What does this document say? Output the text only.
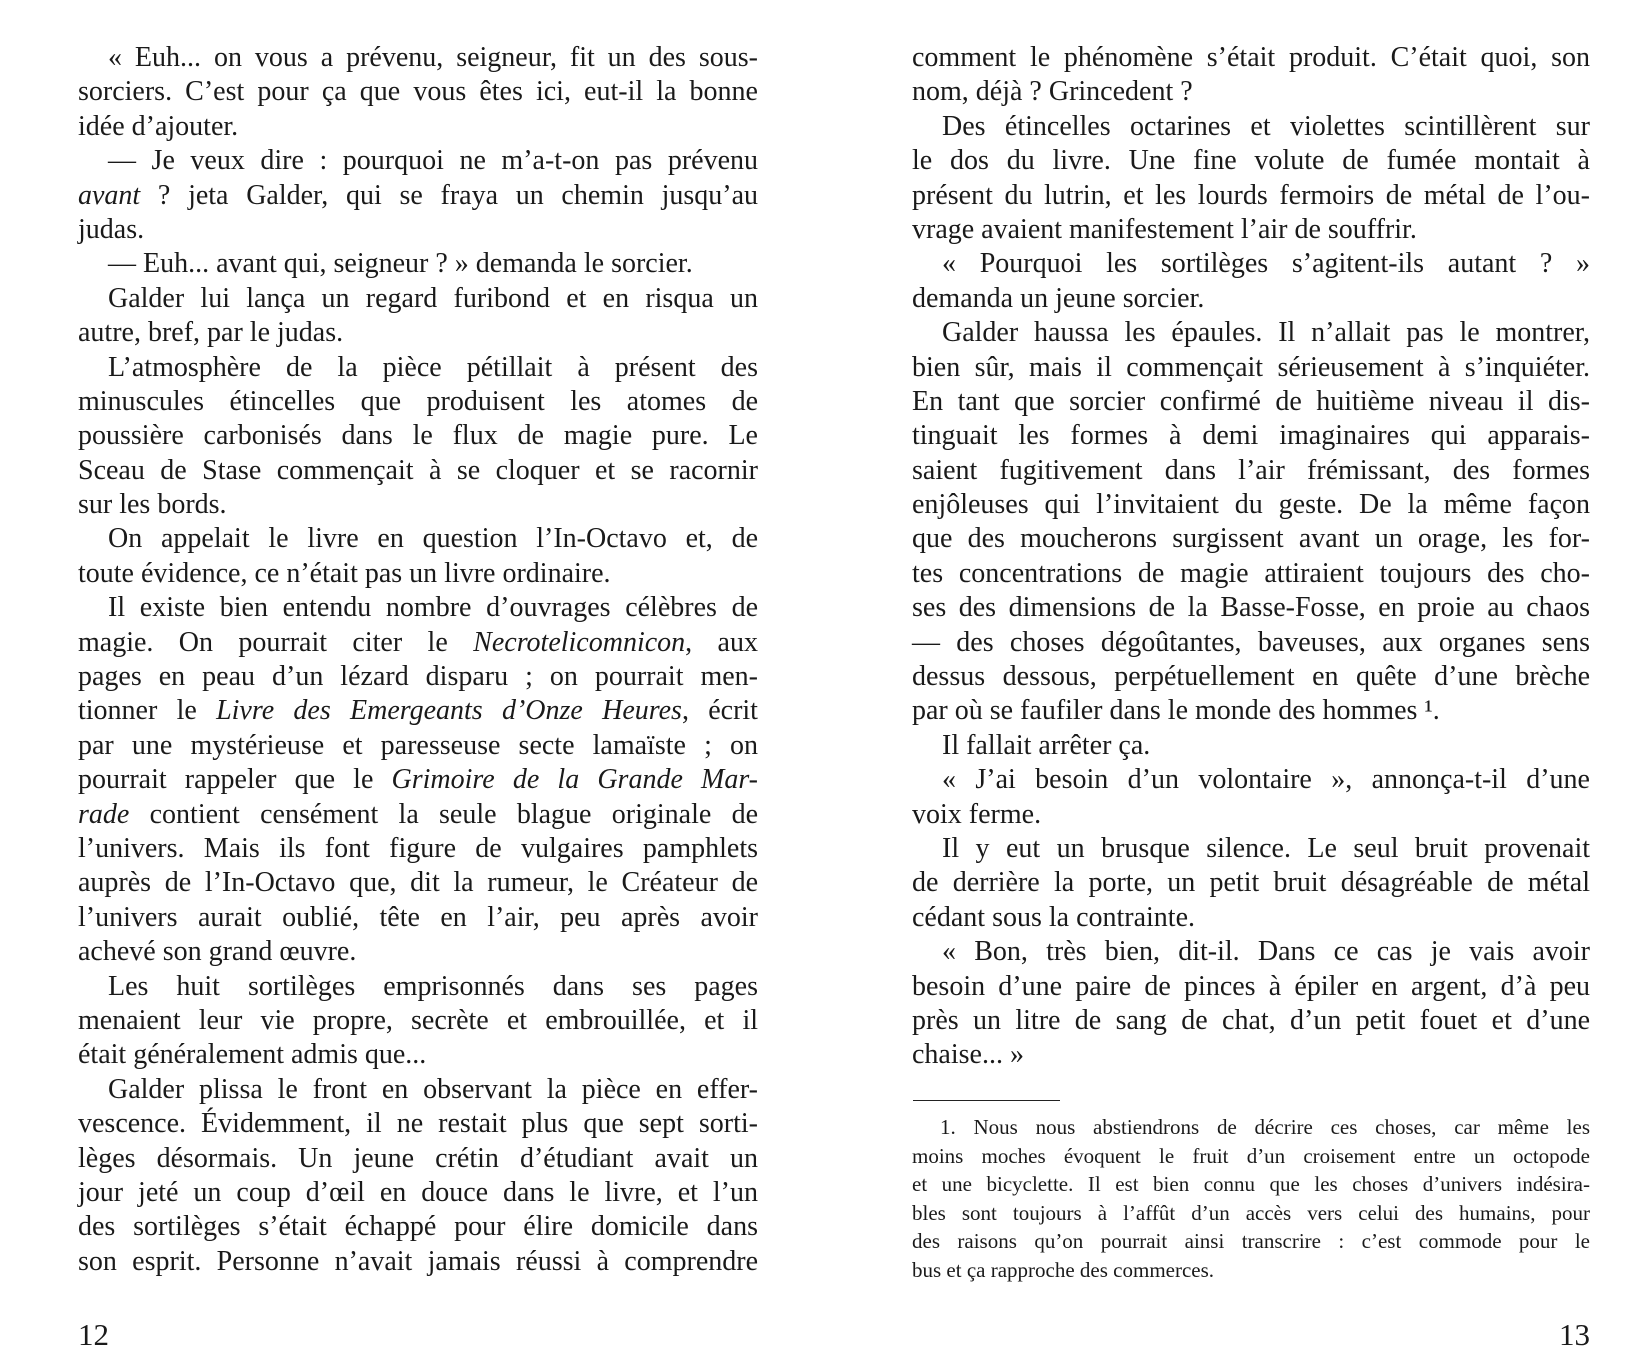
« Euh... on vous a prévenu, seigneur, fit un des sous-
sorciers. C’est pour ça que vous êtes ici, eut-il la bonne
idée d’ajouter.
— Je veux dire : pourquoi ne m’a-t-on pas prévenu
avant ? jeta Galder, qui se fraya un chemin jusqu’au
judas.
— Euh... avant qui, seigneur ? » demanda le sorcier.
Galder lui lança un regard furibond et en risqua un
autre, bref, par le judas.
L’atmosphère de la pièce pétillait à présent des
minuscules étincelles que produisent les atomes de
poussière carbonisés dans le flux de magie pure. Le
Sceau de Stase commençait à se cloquer et se racornir
sur les bords.
On appelait le livre en question l’In-Octavo et, de
toute évidence, ce n’était pas un livre ordinaire.
Il existe bien entendu nombre d’ouvrages célèbres de
magie. On pourrait citer le Necrotelicomnicon, aux
pages en peau d’un lézard disparu ; on pourrait men-
tionner le Livre des Emergeants d’Onze Heures, écrit
par une mystérieuse et paresseuse secte lamaïste ; on
pourrait rappeler que le Grimoire de la Grande Mar-
rade contient censément la seule blague originale de
l’univers. Mais ils font figure de vulgaires pamphlets
auprès de l’In-Octavo que, dit la rumeur, le Créateur de
l’univers aurait oublié, tête en l’air, peu après avoir
achevé son grand œuvre.
Les huit sortilèges emprisonnés dans ses pages
menaient leur vie propre, secrète et embrouillée, et il
était généralement admis que...
Galder plissa le front en observant la pièce en effer-
vescence. Évidemment, il ne restait plus que sept sorti-
lèges désormais. Un jeune crétin d’étudiant avait un
jour jeté un coup d’œil en douce dans le livre, et l’un
des sortilèges s’était échappé pour élire domicile dans
son esprit. Personne n’avait jamais réussi à comprendre
comment le phénomène s’était produit. C’était quoi, son
nom, déjà ? Grincedent ?
Des étincelles octarines et violettes scintillèrent sur
le dos du livre. Une fine volute de fumée montait à
présent du lutrin, et les lourds fermoirs de métal de l’ou-
vrage avaient manifestement l’air de souffrir.
« Pourquoi les sortilèges s’agitent-ils autant ? »
demanda un jeune sorcier.
Galder haussa les épaules. Il n’allait pas le montrer,
bien sûr, mais il commençait sérieusement à s’inquiéter.
En tant que sorcier confirmé de huitième niveau il dis-
tinguait les formes à demi imaginaires qui apparais-
saient fugitivement dans l’air frémissant, des formes
enjôleuses qui l’invitaient du geste. De la même façon
que des moucherons surgissent avant un orage, les for-
tes concentrations de magie attiraient toujours des cho-
ses des dimensions de la Basse-Fosse, en proie au chaos
— des choses dégoûtantes, baveuses, aux organes sens
dessus dessous, perpétuellement en quête d’une brèche
par où se faufiler dans le monde des hommes ¹.
Il fallait arrêter ça.
« J’ai besoin d’un volontaire », annonça-t-il d’une
voix ferme.
Il y eut un brusque silence. Le seul bruit provenait
de derrière la porte, un petit bruit désagréable de métal
cédant sous la contrainte.
« Bon, très bien, dit-il. Dans ce cas je vais avoir
besoin d’une paire de pinces à épiler en argent, d’à peu
près un litre de sang de chat, d’un petit fouet et d’une
chaise... »
1. Nous nous abstiendrons de décrire ces choses, car même les
moins moches évoquent le fruit d’un croisement entre un octopode
et une bicyclette. Il est bien connu que les choses d’univers indésira-
bles sont toujours à l’affût d’un accès vers celui des humains, pour
des raisons qu’on pourrait ainsi transcrire : c’est commode pour le
bus et ça rapproche des commerces.
12	13
